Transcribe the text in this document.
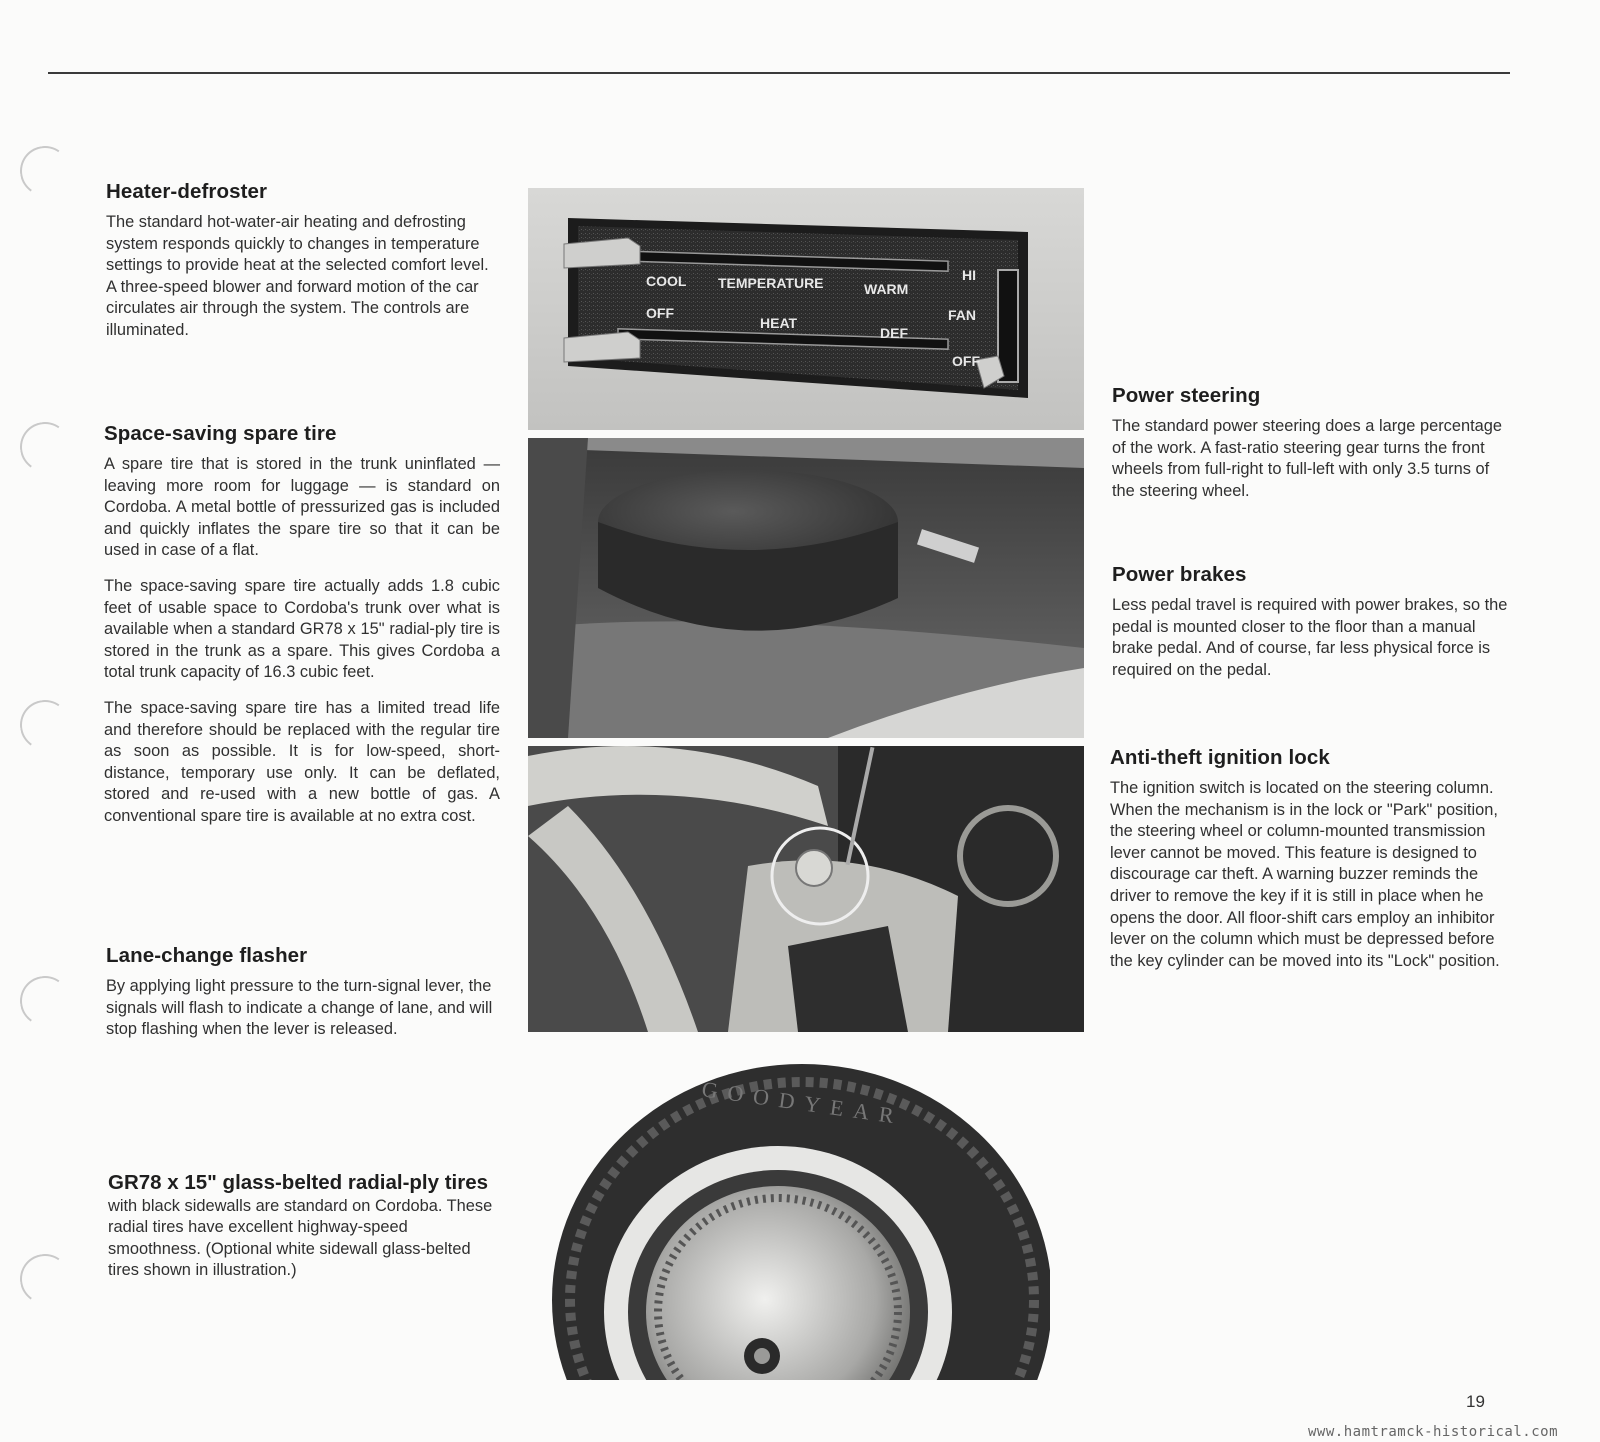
Heater-defroster

The standard hot-water-air heating and defrosting system responds quickly to changes in temperature settings to provide heat at the selected comfort level. A three-speed blower and forward motion of the car circulates air through the system. The controls are illuminated.

Space-saving spare tire

A spare tire that is stored in the trunk uninflated — leaving more room for luggage — is standard on Cordoba. A metal bottle of pressurized gas is included and quickly inflates the spare tire so that it can be used in case of a flat.

The space-saving spare tire actually adds 1.8 cubic feet of usable space to Cordoba's trunk over what is available when a standard GR78 x 15" radial-ply tire is stored in the trunk as a spare. This gives Cordoba a total trunk capacity of 16.3 cubic feet.

The space-saving spare tire has a limited tread life and therefore should be replaced with the regular tire as soon as possible. It is for low-speed, short-distance, temporary use only. It can be deflated, stored and re-used with a new bottle of gas. A conventional spare tire is available at no extra cost.

Lane-change flasher

By applying light pressure to the turn-signal lever, the signals will flash to indicate a change of lane, and will stop flashing when the lever is released.

GR78 x 15" glass-belted radial-ply tires with black sidewalls are standard on Cordoba. These radial tires have excellent highway-speed smoothness. (Optional white sidewall glass-belted tires shown in illustration.)

Power steering

The standard power steering does a large percentage of the work. A fast-ratio steering gear turns the front wheels from full-right to full-left with only 3.5 turns of the steering wheel.

Power brakes

Less pedal travel is required with power brakes, so the pedal is mounted closer to the floor than a manual brake pedal. And of course, far less physical force is required on the pedal.

Anti-theft ignition lock

The ignition switch is located on the steering column. When the mechanism is in the lock or "Park" position, the steering wheel or column-mounted transmission lever cannot be moved. This feature is designed to discourage car theft. A warning buzzer reminds the driver to remove the key if it is still in place when he opens the door. All floor-shift cars employ an inhibitor lever on the column which must be depressed before the key cylinder can be moved into its "Lock" position.

COOL TEMPERATURE	WARM
OFF
HEAT
DEF
HI
FAN
OFF
GOODYEAR
19
www.hamtramck-historical.com
